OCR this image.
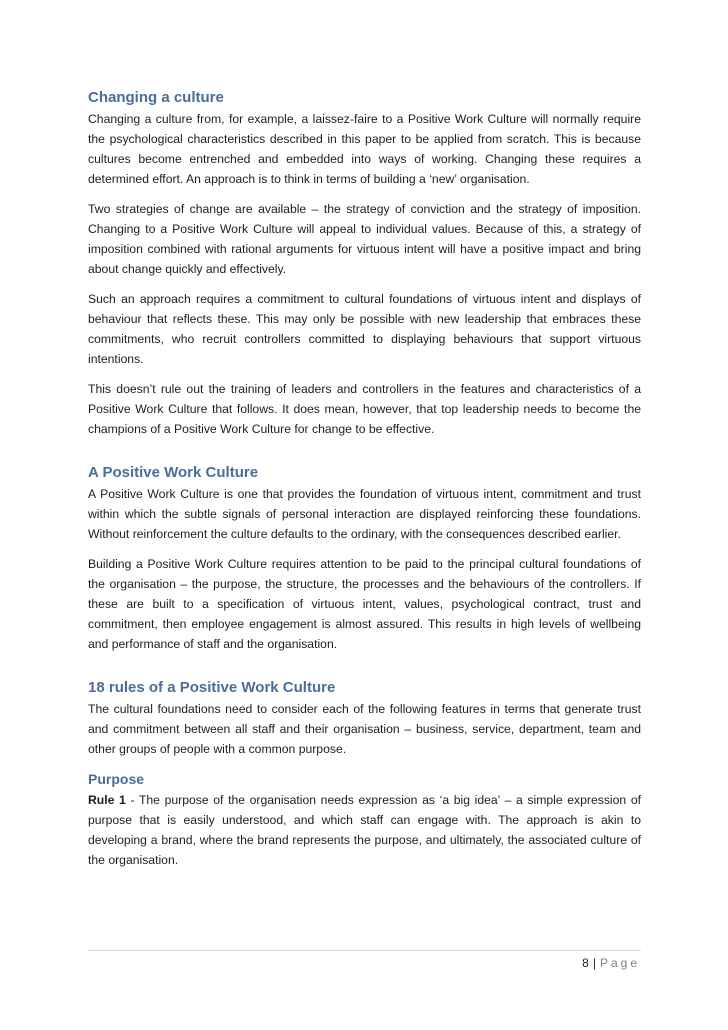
Changing a culture

Changing a culture from, for example, a laissez-faire to a Positive Work Culture will normally require the psychological characteristics described in this paper to be applied from scratch. This is because cultures become entrenched and embedded into ways of working. Changing these requires a determined effort. An approach is to think in terms of building a ‘new’ organisation.

Two strategies of change are available – the strategy of conviction and the strategy of imposition. Changing to a Positive Work Culture will appeal to individual values. Because of this, a strategy of imposition combined with rational arguments for virtuous intent will have a positive impact and bring about change quickly and effectively.

Such an approach requires a commitment to cultural foundations of virtuous intent and displays of behaviour that reflects these. This may only be possible with new leadership that embraces these commitments, who recruit controllers committed to displaying behaviours that support virtuous intentions.

This doesn’t rule out the training of leaders and controllers in the features and characteristics of a Positive Work Culture that follows. It does mean, however, that top leadership needs to become the champions of a Positive Work Culture for change to be effective.

A Positive Work Culture

A Positive Work Culture is one that provides the foundation of virtuous intent, commitment and trust within which the subtle signals of personal interaction are displayed reinforcing these foundations. Without reinforcement the culture defaults to the ordinary, with the consequences described earlier.

Building a Positive Work Culture requires attention to be paid to the principal cultural foundations of the organisation – the purpose, the structure, the processes and the behaviours of the controllers. If these are built to a specification of virtuous intent, values, psychological contract, trust and commitment, then employee engagement is almost assured. This results in high levels of wellbeing and performance of staff and the organisation.

18 rules of a Positive Work Culture

The cultural foundations need to consider each of the following features in terms that generate trust and commitment between all staff and their organisation – business, service, department, team and other groups of people with a common purpose.

Purpose

Rule 1 - The purpose of the organisation needs expression as ‘a big idea’ – a simple expression of purpose that is easily understood, and which staff can engage with. The approach is akin to developing a brand, where the brand represents the purpose, and ultimately, the associated culture of the organisation.

8 | Page
